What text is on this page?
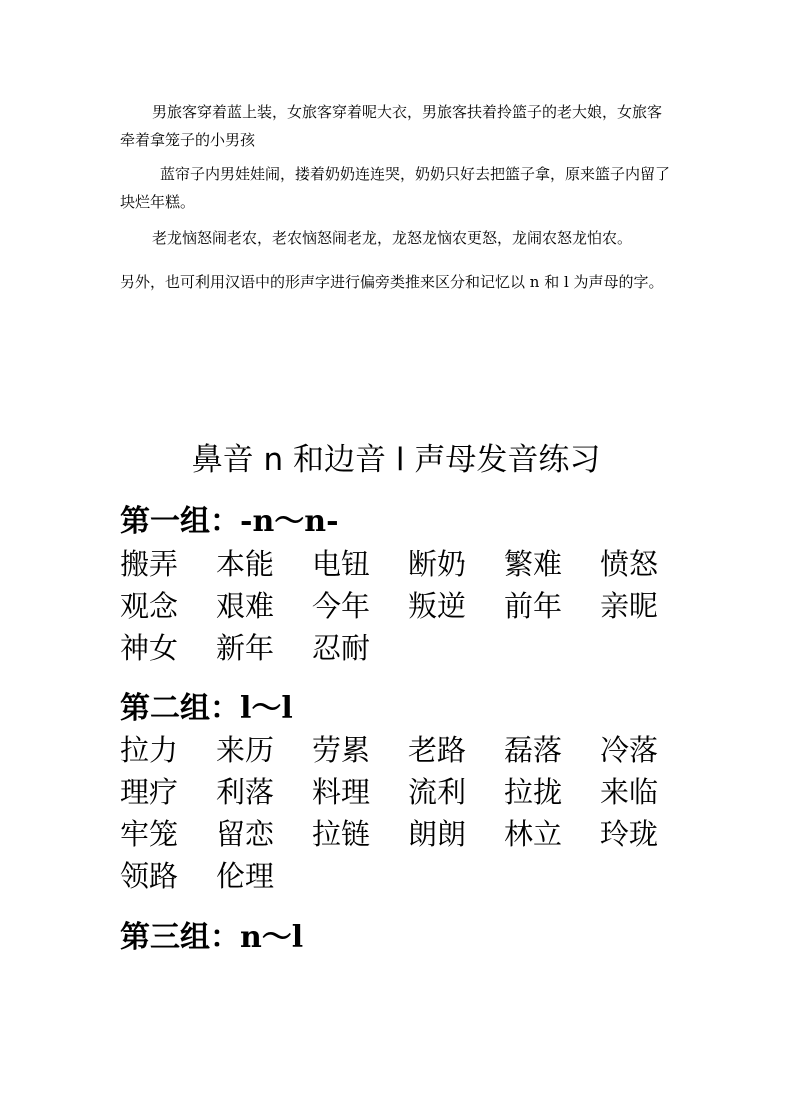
男旅客穿着蓝上装，女旅客穿着呢大衣，男旅客扶着拎篮子的老大娘，女旅客牵着拿笼子的小男孩

蓝帘子内男娃娃闹，搂着奶奶连连哭，奶奶只好去把篮子拿，原来篮子内留了块烂年糕。

老龙恼怒闹老农，老农恼怒闹老龙，龙怒龙恼农更怒，龙闹农怒龙怕农。

另外，也可利用汉语中的形声字进行偏旁类推来区分和记忆以 n 和 l 为声母的字。

鼻音 n 和边音 l 声母发音练习
第一组：-n～n-
搬弄	本能	电钮	断奶	繁难	愤怒
观念	艰难	今年	叛逆	前年	亲昵
神女	新年	忍耐
第二组：l～l
拉力	来历	劳累	老路	磊落	冷落
理疗	利落	料理	流利	拉拢	来临
牢笼	留恋	拉链	朗朗	林立	玲珑
领路	伦理
第三组：n～l
